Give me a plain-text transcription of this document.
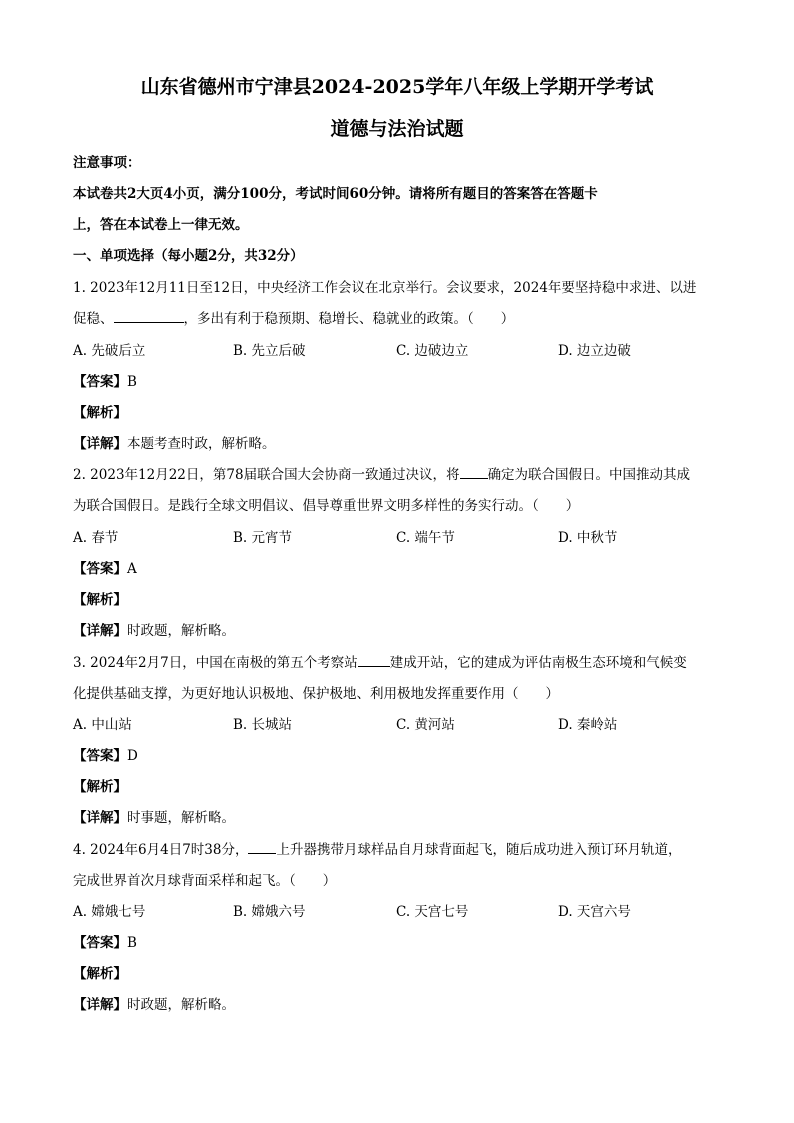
山东省德州市宁津县2024-2025学年八年级上学期开学考试
道德与法治试题
注意事项：
本试卷共2大页4小页，满分100分，考试时间60分钟。请将所有题目的答案答在答题卡
上，答在本试卷上一律无效。
一、单项选择（每小题2分，共32分）
1. 2023年12月11日至12日，中央经济工作会议在北京举行。会议要求，2024年要坚持稳中求进、以进
促稳、	，多出有利于稳预期、稳增长、稳就业的政策。（　　）
A. 先破后立	B. 先立后破	C. 边破边立	D. 边立边破
【答案】B
【解析】
【详解】本题考查时政，解析略。
2. 2023年12月22日，第78届联合国大会协商一致通过决议，将 确定为联合国假日。中国推动其成
为联合国假日。是践行全球文明倡议、倡导尊重世界文明多样性的务实行动。（　　）
A. 春节	B. 元宵节	C. 端午节	D. 中秋节
【答案】A
【解析】
【详解】时政题，解析略。
3. 2024年2月7日，中国在南极的第五个考察站 建成开站，它的建成为评估南极生态环境和气候变
化提供基础支撑，为更好地认识极地、保护极地、利用极地发挥重要作用（　　）
A. 中山站	B. 长城站	C. 黄河站	D. 秦岭站
【答案】D
【解析】
【详解】时事题，解析略。
4. 2024年6月4日7时38分， 上升器携带月球样品自月球背面起飞，随后成功进入预订环月轨道，
完成世界首次月球背面采样和起飞。（　　）
A. 嫦娥七号	B. 嫦娥六号	C. 天宫七号	D. 天宫六号
【答案】B
【解析】
【详解】时政题，解析略。
